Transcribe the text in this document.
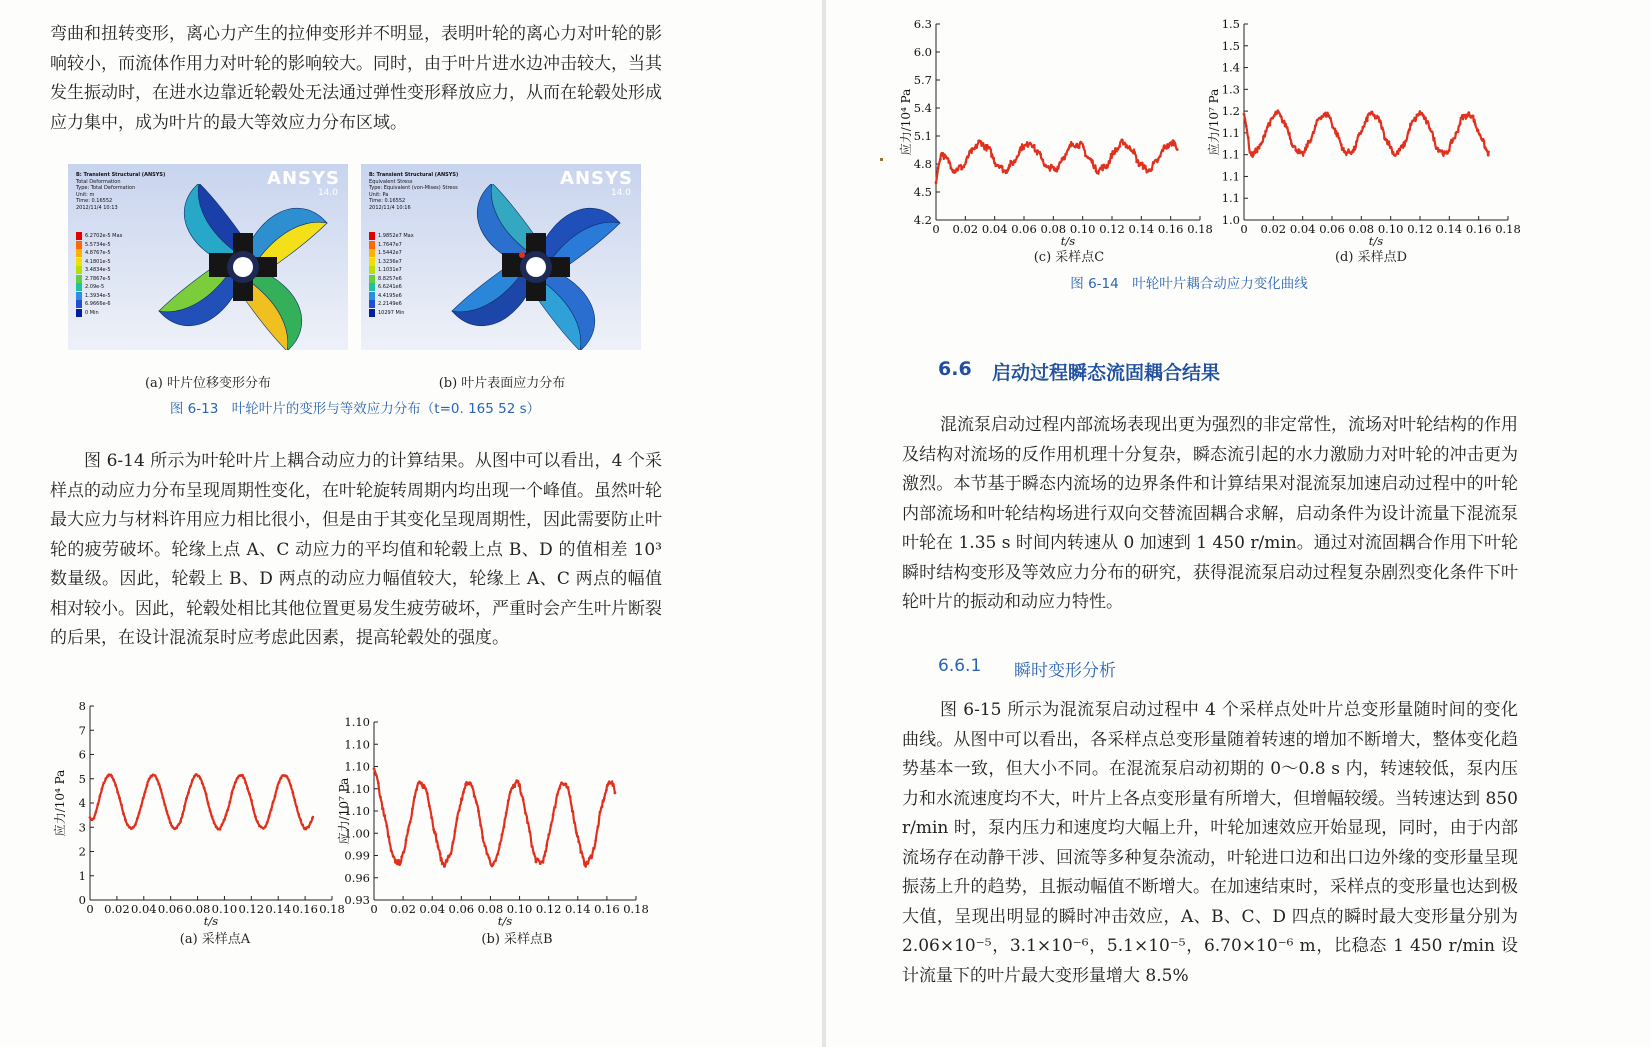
弯曲和扭转变形，离心力产生的拉伸变形并不明显，表明叶轮的离心力对叶轮的影响较小，而流体作用力对叶轮的影响较大。同时，由于叶片进水边冲击较大，当其发生振动时，在进水边靠近轮毂处无法通过弹性变形释放应力，从而在轮毂处形成应力集中，成为叶片的最大等效应力分布区域。

ANSYS
14.0
B: Transient Structural (ANSYS)
Total Deformation
Type: Total Deformation
Unit: m
Time: 0.16552
2012/11/4 10:13
6.2702e-5 Max
5.5734e-5
4.8767e-5
4.1801e-5
3.4834e-5
2.7867e-5
2.09e-5
1.3934e-5
6.9666e-6
0 Min
ANSYS
14.0
B: Transient Structural (ANSYS)
Equivalent Stress
Type: Equivalent (von-Mises) Stress
Unit: Pa
Time: 0.16552
2012/11/4 10:16
1.9852e7 Max
1.7647e7
1.5442e7
1.3236e7
1.1031e7
8.8257e6
6.6241e6
4.4195e6
2.2149e6
10297 Min
(a) 叶片位移变形分布	(b) 叶片表面应力分布
图 6-13　叶轮叶片的变形与等效应力分布（t=0. 165 52 s）

图 6-14 所示为叶轮叶片上耦合动应力的计算结果。从图中可以看出，4 个采样点的动应力分布呈现周期性变化，在叶轮旋转周期内均出现一个峰值。虽然叶轮最大应力与材料许用应力相比很小，但是由于其变化呈现周期性，因此需要防止叶轮的疲劳破坏。轮缘上点 A、C 动应力的平均值和轮毂上点 B、D 的值相差 10³ 数量级。因此，轮毂上 B、D 两点的动应力幅值较大，轮缘上 A、C 两点的幅值相对较小。因此，轮毂处相比其他位置更易发生疲劳破坏，严重时会产生叶片断裂的后果，在设计混流泵时应考虑此因素，提高轮毂处的强度。

0 0.02 0.04 0.06 0.08 0.10 0.12 0.14 0.16 0.18
0
1
2
3
4
5
6
7
8
t/s
应力/10⁴ Pa
(a) 采样点A
0 0.02 0.04 0.06 0.08 0.10 0.12 0.14 0.16 0.18
0.93
0.96
0.99
1.00
1.10
1.10
1.10
1.10
1.10
t/s
应力/10⁷ Pa
(b) 采样点B
0 0.02 0.04 0.06 0.08 0.10 0.12 0.14 0.16 0.18
4.2
4.5
4.8
5.1
5.4
5.7
6.0
6.3
t/s
应力/10⁴ Pa
(c) 采样点C
0 0.02 0.04 0.06 0.08 0.10 0.12 0.14 0.16 0.18
1.0
1.1
1.1
1.1
1.1
1.2
1.3
1.4
1.5
1.5
t/s
应力/10⁷ Pa
(d) 采样点D
图 6-14　叶轮叶片耦合动应力变化曲线
6.6 启动过程瞬态流固耦合结果

混流泵启动过程内部流场表现出更为强烈的非定常性，流场对叶轮结构的作用及结构对流场的反作用机理十分复杂，瞬态流引起的水力激励力对叶轮的冲击更为激烈。本节基于瞬态内流场的边界条件和计算结果对混流泵加速启动过程中的叶轮内部流场和叶轮结构场进行双向交替流固耦合求解，启动条件为设计流量下混流泵叶轮在 1.35 s 时间内转速从 0 加速到 1 450 r/min。通过对流固耦合作用下叶轮瞬时结构变形及等效应力分布的研究，获得混流泵启动过程复杂剧烈变化条件下叶轮叶片的振动和动应力特性。

6.6.1 瞬时变形分析

图 6-15 所示为混流泵启动过程中 4 个采样点处叶片总变形量随时间的变化曲线。从图中可以看出，各采样点总变形量随着转速的增加不断增大，整体变化趋势基本一致，但大小不同。在混流泵启动初期的 0～0.8 s 内，转速较低，泵内压力和水流速度均不大，叶片上各点变形量有所增大，但增幅较缓。当转速达到 850 r/min 时，泵内压力和速度均大幅上升，叶轮加速效应开始显现，同时，由于内部流场存在动静干涉、回流等多种复杂流动，叶轮进口边和出口边外缘的变形量呈现振荡上升的趋势，且振动幅值不断增大。在加速结束时，采样点的变形量也达到极大值，呈现出明显的瞬时冲击效应，A、B、C、D 四点的瞬时最大变形量分别为 2.06×10⁻⁵，3.1×10⁻⁶，5.1×10⁻⁵，6.70×10⁻⁶ m，比稳态 1 450 r/min 设计流量下的叶片最大变形量增大 8.5%
